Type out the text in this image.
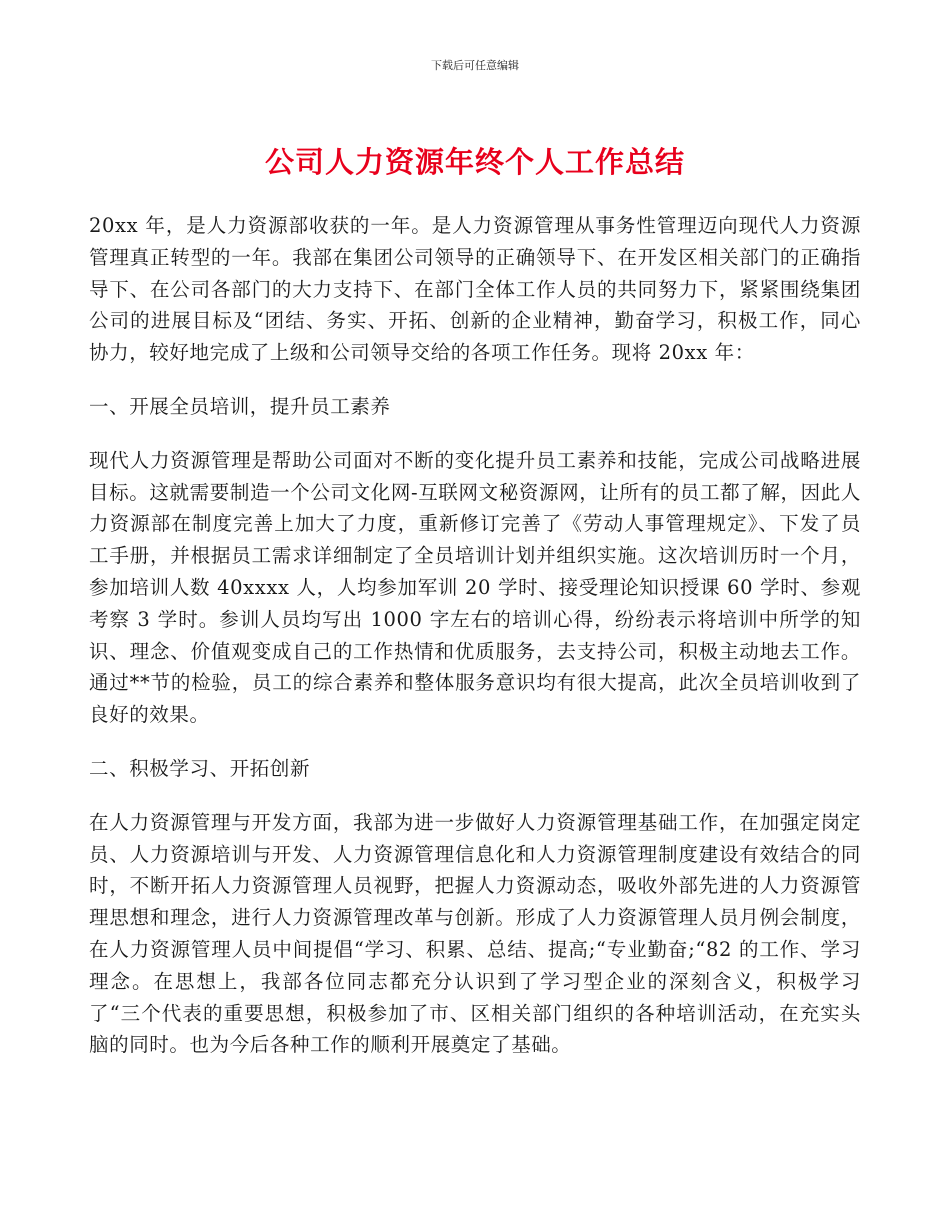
下载后可任意编辑
公司人力资源年终个人工作总结

20xx 年，是人力资源部收获的一年。是人力资源管理从事务性管理迈向现代人力资源管理真正转型的一年。我部在集团公司领导的正确领导下、在开发区相关部门的正确指导下、在公司各部门的大力支持下、在部门全体工作人员的共同努力下，紧紧围绕集团公司的进展目标及“团结、务实、开拓、创新的企业精神，勤奋学习，积极工作，同心协力，较好地完成了上级和公司领导交给的各项工作任务。现将 20xx 年：

一、开展全员培训，提升员工素养

现代人力资源管理是帮助公司面对不断的变化提升员工素养和技能，完成公司战略进展目标。这就需要制造一个公司文化网-互联网文秘资源网，让所有的员工都了解，因此人力资源部在制度完善上加大了力度，重新修订完善了《劳动人事管理规定》、下发了员工手册，并根据员工需求详细制定了全员培训计划并组织实施。这次培训历时一个月，参加培训人数 40xxxx 人，人均参加军训 20 学时、接受理论知识授课 60 学时、参观考察 3 学时。参训人员均写出 1000 字左右的培训心得，纷纷表示将培训中所学的知识、理念、价值观变成自己的工作热情和优质服务，去支持公司，积极主动地去工作。通过**节的检验，员工的综合素养和整体服务意识均有很大提高，此次全员培训收到了良好的效果。

二、积极学习、开拓创新

在人力资源管理与开发方面，我部为进一步做好人力资源管理基础工作，在加强定岗定员、人力资源培训与开发、人力资源管理信息化和人力资源管理制度建设有效结合的同时，不断开拓人力资源管理人员视野，把握人力资源动态，吸收外部先进的人力资源管理思想和理念，进行人力资源管理改革与创新。形成了人力资源管理人员月例会制度，在人力资源管理人员中间提倡“学习、积累、总结、提高;“专业勤奋;“82 的工作、学习理念。在思想上，我部各位同志都充分认识到了学习型企业的深刻含义，积极学习了“三个代表的重要思想，积极参加了市、区相关部门组织的各种培训活动，在充实头脑的同时。也为今后各种工作的顺利开展奠定了基础。
